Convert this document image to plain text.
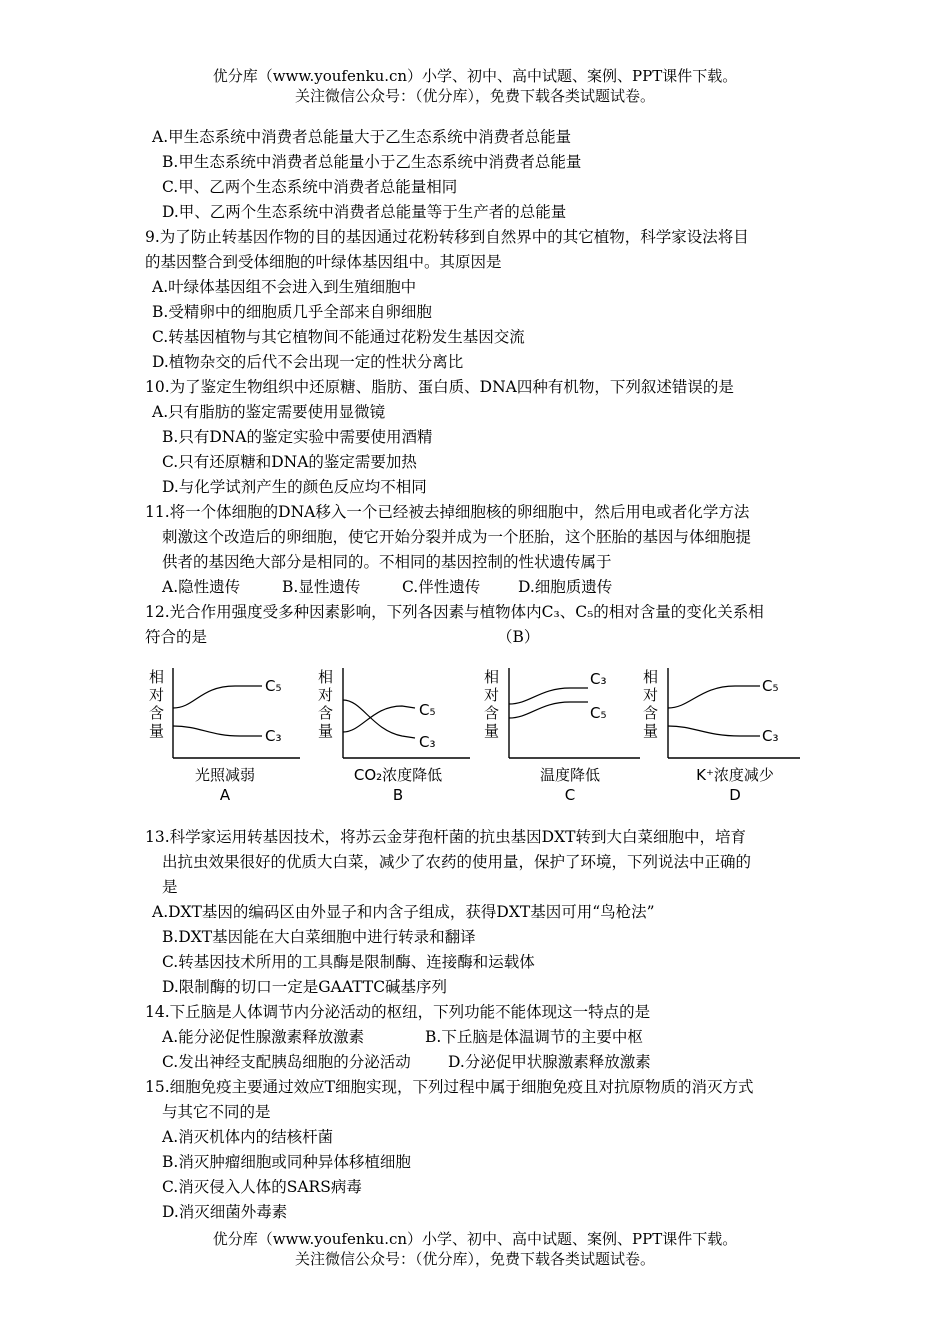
优分库（www.youfenku.cn）小学、初中、高中试题、案例、PPT课件下载。
关注微信公众号：（优分库），免费下载各类试题试卷。
A.甲生态系统中消费者总能量大于乙生态系统中消费者总能量
B.甲生态系统中消费者总能量小于乙生态系统中消费者总能量
C.甲、乙两个生态系统中消费者总能量相同
D.甲、乙两个生态系统中消费者总能量等于生产者的总能量
9.为了防止转基因作物的目的基因通过花粉转移到自然界中的其它植物，科学家设法将目
的基因整合到受体细胞的叶绿体基因组中。其原因是
A.叶绿体基因组不会进入到生殖细胞中
B.受精卵中的细胞质几乎全部来自卵细胞
C.转基因植物与其它植物间不能通过花粉发生基因交流
D.植物杂交的后代不会出现一定的性状分离比
10.为了鉴定生物组织中还原糖、脂肪、蛋白质、DNA四种有机物，下列叙述错误的是
A.只有脂肪的鉴定需要使用显微镜
B.只有DNA的鉴定实验中需要使用酒精
C.只有还原糖和DNA的鉴定需要加热
D.与化学试剂产生的颜色反应均不相同
11.将一个体细胞的DNA移入一个已经被去掉细胞核的卵细胞中，然后用电或者化学方法
刺激这个改造后的卵细胞，使它开始分裂并成为一个胚胎，这个胚胎的基因与体细胞提
供者的基因绝大部分是相同的。不相同的基因控制的性状遗传属于
A.隐性遗传	B.显性遗传	C.伴性遗传 D.细胞质遗传
12.光合作用强度受多种因素影响，下列各因素与植物体内C₃、C₅的相对含量的变化关系相
符合的是	（B）
相
对
含
量
C₅
C₃
光照减弱
A
相
对
含
量
C₅
C₃
CO₂浓度降低
B
相
对
含
量
C₃
C₅
温度降低
C
相
对
含
量
C₅
C₃
K⁺浓度减少
D
13.科学家运用转基因技术，将苏云金芽孢杆菌的抗虫基因DXT转到大白菜细胞中，培育
出抗虫效果很好的优质大白菜，减少了农药的使用量，保护了环境，下列说法中正确的
是
A.DXT基因的编码区由外显子和内含子组成，获得DXT基因可用“鸟枪法”
B.DXT基因能在大白菜细胞中进行转录和翻译
C.转基因技术所用的工具酶是限制酶、连接酶和运载体
D.限制酶的切口一定是GAATTC碱基序列
14.下丘脑是人体调节内分泌活动的枢纽，下列功能不能体现这一特点的是
A.能分泌促性腺激素释放激素	B.下丘脑是体温调节的主要中枢
C.发出神经支配胰岛细胞的分泌活动 D.分泌促甲状腺激素释放激素
15.细胞免疫主要通过效应T细胞实现，下列过程中属于细胞免疫且对抗原物质的消灭方式
与其它不同的是
A.消灭机体内的结核杆菌
B.消灭肿瘤细胞或同种异体移植细胞
C.消灭侵入人体的SARS病毒
D.消灭细菌外毒素
优分库（www.youfenku.cn）小学、初中、高中试题、案例、PPT课件下载。
关注微信公众号：（优分库），免费下载各类试题试卷。
